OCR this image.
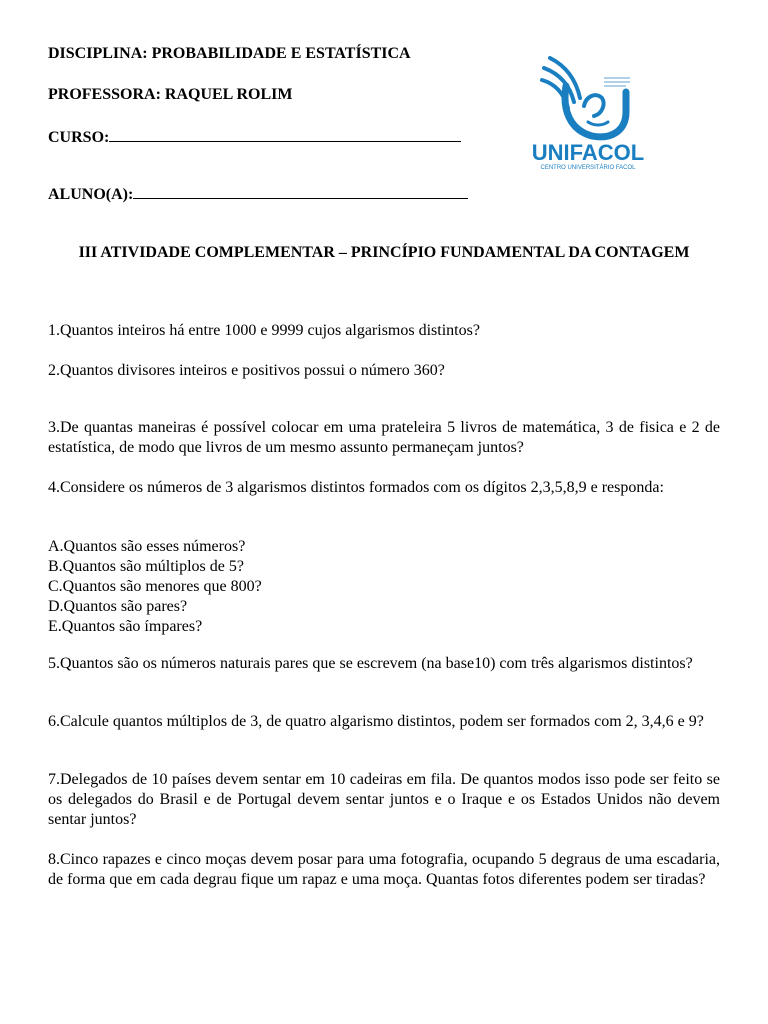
DISCIPLINA: PROBABILIDADE E ESTATÍSTICA
PROFESSORA: RAQUEL ROLIM
CURSO:
ALUNO(A):
UNIFACOL
CENTRO UNIVERSITÁRIO FACOL
III ATIVIDADE COMPLEMENTAR – PRINCÍPIO FUNDAMENTAL DA CONTAGEM
1.Quantos inteiros há entre 1000 e 9999 cujos algarismos distintos?
2.Quantos divisores inteiros e positivos possui o número 360?
3.De quantas maneiras é possível colocar em uma prateleira 5 livros de matemática, 3 de fisica e 2 de estatística, de modo que livros de um mesmo assunto permaneçam juntos?
4.Considere os números de 3 algarismos distintos formados com os dígitos 2,3,5,8,9 e responda:
A.Quantos são esses números?
B.Quantos são múltiplos de 5?
C.Quantos são menores que 800?
D.Quantos são pares?
E.Quantos são ímpares?
5.Quantos são os números naturais pares que se escrevem (na base10) com três algarismos distintos?
6.Calcule quantos múltiplos de 3, de quatro algarismo distintos, podem ser formados com 2, 3,4,6 e 9?
7.Delegados de 10 países devem sentar em 10 cadeiras em fila. De quantos modos isso pode ser feito se os delegados do Brasil e de Portugal devem sentar juntos e o Iraque e os Estados Unidos não devem sentar juntos?
8.Cinco rapazes e cinco moças devem posar para uma fotografia, ocupando 5 degraus de uma escadaria, de forma que em cada degrau fique um rapaz e uma moça. Quantas fotos diferentes podem ser tiradas?
